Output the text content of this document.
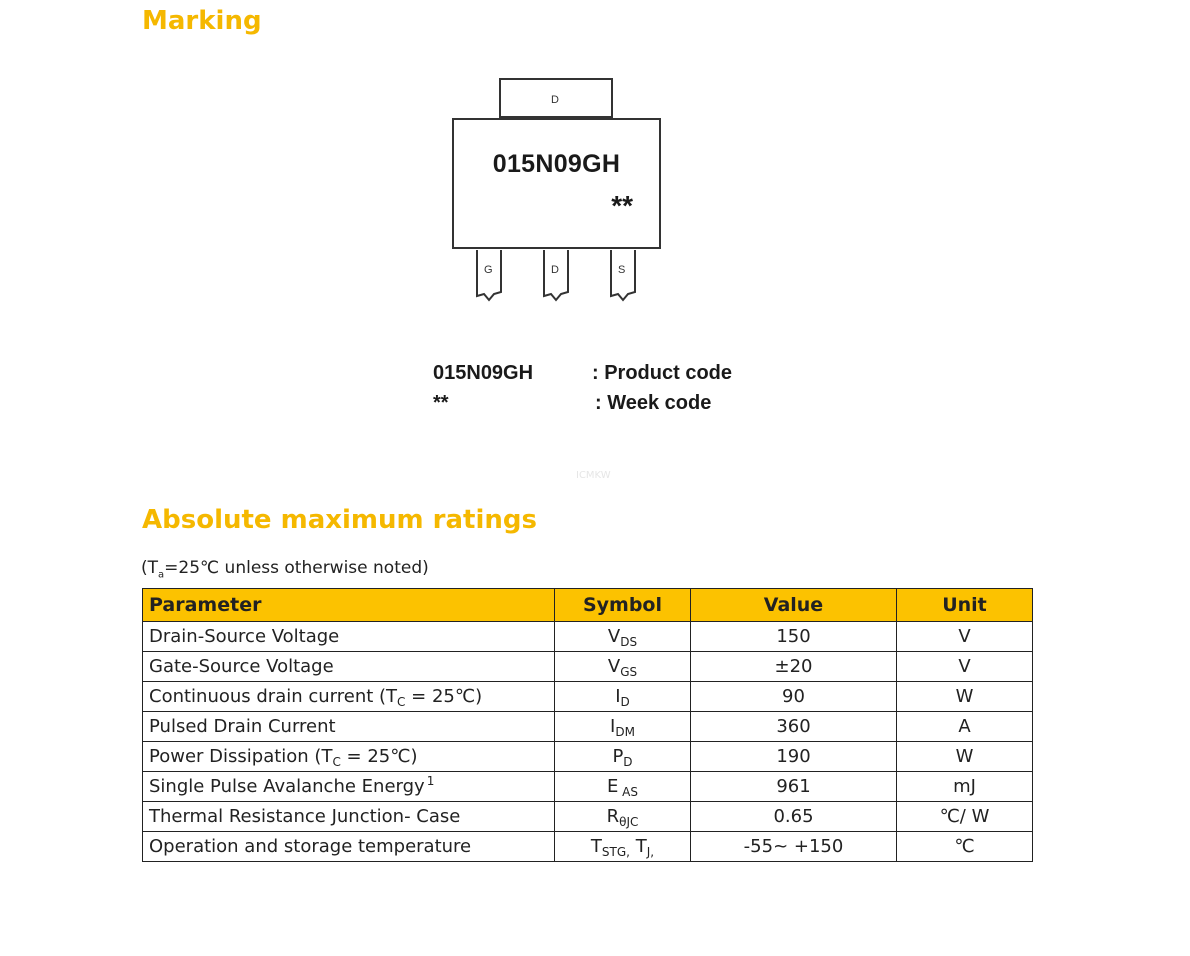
Marking
D
015N09GH
**
G	D	S
015N09GH	: Product code
**	: Week code
ICMKW
Absolute maximum ratings
($T_a=25℃$ unless otherwise noted)
Parameter	Symbol	Value	Unit
Drain-Source Voltage	$V_{DS}$	150	V
Gate-Source Voltage	$V_{GS}$	±20	V
Continuous drain current ($T_C$ = 25℃)	$I_D$	90	W
Pulsed Drain Current	$I_{DM}$	360	A
Power Dissipation ($T_C$ = 25℃)	$P_D$	190	W
Single Pulse Avalanche Energy $^1$	E $_{AS}$	961	mJ
Thermal Resistance Junction- Case	$R_{\theta JC}$	0.65	℃/ W
Operation and storage temperature	$T_{STG,}$ $T_{J,}$	-55~ +150	℃
